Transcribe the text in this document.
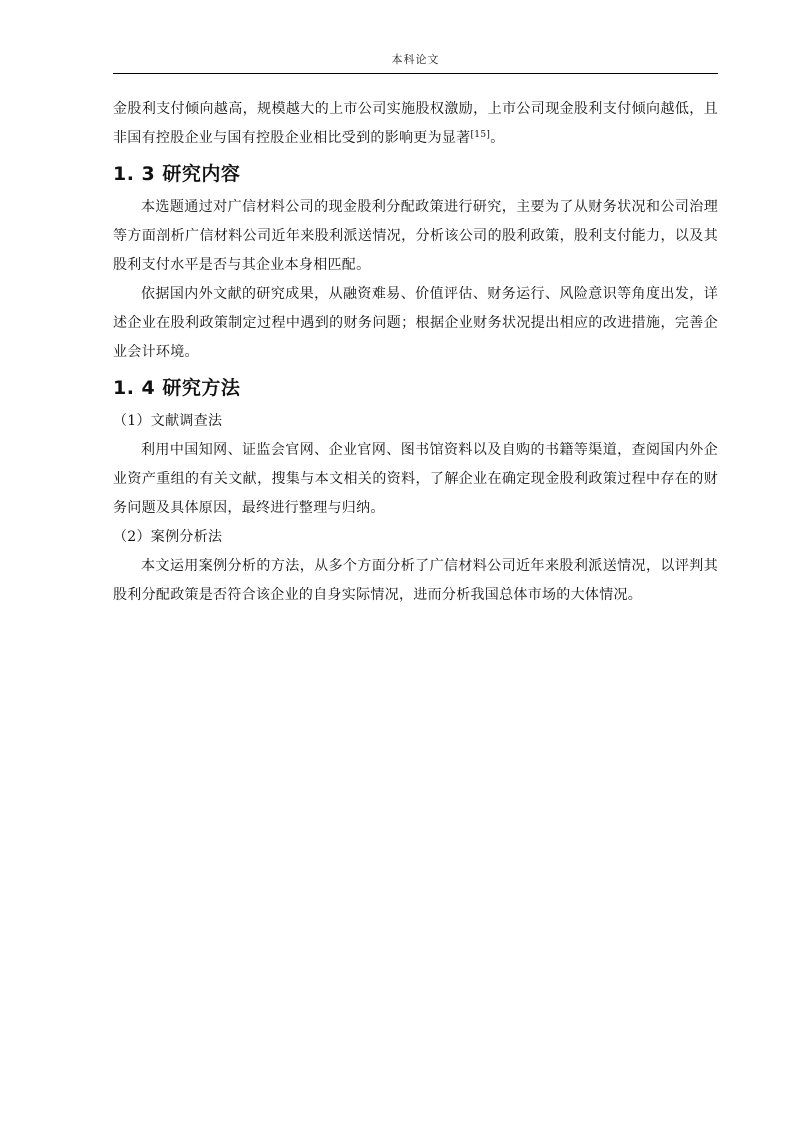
本科论文

金股利支付倾向越高，规模越大的上市公司实施股权激励，上市公司现金股利支付倾向越低，且非国有控股企业与国有控股企业相比受到的影响更为显著[15]。

1. 3 研究内容

本选题通过对广信材料公司的现金股利分配政策进行研究，主要为了从财务状况和公司治理等方面剖析广信材料公司近年来股利派送情况，分析该公司的股利政策，股利支付能力，以及其股利支付水平是否与其企业本身相匹配。

依据国内外文献的研究成果，从融资难易、价值评估、财务运行、风险意识等角度出发，详述企业在股利政策制定过程中遇到的财务问题；根据企业财务状况提出相应的改进措施，完善企业会计环境。

1. 4 研究方法

（1）文献调查法

利用中国知网、证监会官网、企业官网、图书馆资料以及自购的书籍等渠道，查阅国内外企业资产重组的有关文献，搜集与本文相关的资料，了解企业在确定现金股利政策过程中存在的财务问题及具体原因，最终进行整理与归纳。

（2）案例分析法

本文运用案例分析的方法，从多个方面分析了广信材料公司近年来股利派送情况，以评判其股利分配政策是否符合该企业的自身实际情况，进而分析我国总体市场的大体情况。
